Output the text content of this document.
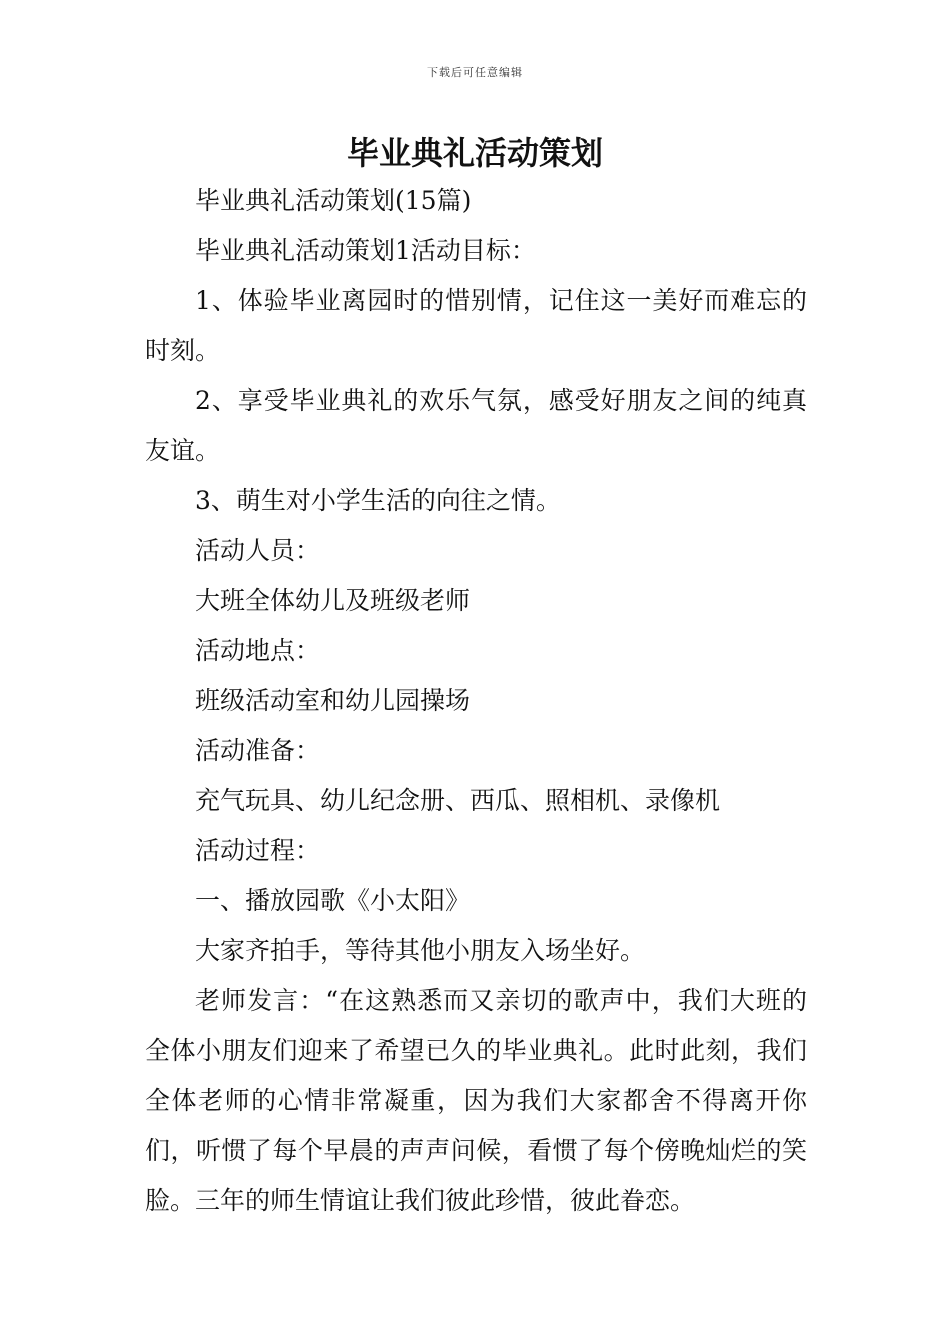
下载后可任意编辑
毕业典礼活动策划

毕业典礼活动策划(15篇)

毕业典礼活动策划1活动目标：

1、体验毕业离园时的惜别情，记住这一美好而难忘的时刻。

2、享受毕业典礼的欢乐气氛，感受好朋友之间的纯真友谊。

3、萌生对小学生活的向往之情。

活动人员：

大班全体幼儿及班级老师

活动地点：

班级活动室和幼儿园操场

活动准备：

充气玩具、幼儿纪念册、西瓜、照相机、录像机

活动过程：

一、播放园歌《小太阳》

大家齐拍手，等待其他小朋友入场坐好。

老师发言：“在这熟悉而又亲切的歌声中，我们大班的全体小朋友们迎来了希望已久的毕业典礼。此时此刻，我们全体老师的心情非常凝重，因为我们大家都舍不得离开你们，听惯了每个早晨的声声问候，看惯了每个傍晚灿烂的笑脸。三年的师生情谊让我们彼此珍惜，彼此眷恋。
